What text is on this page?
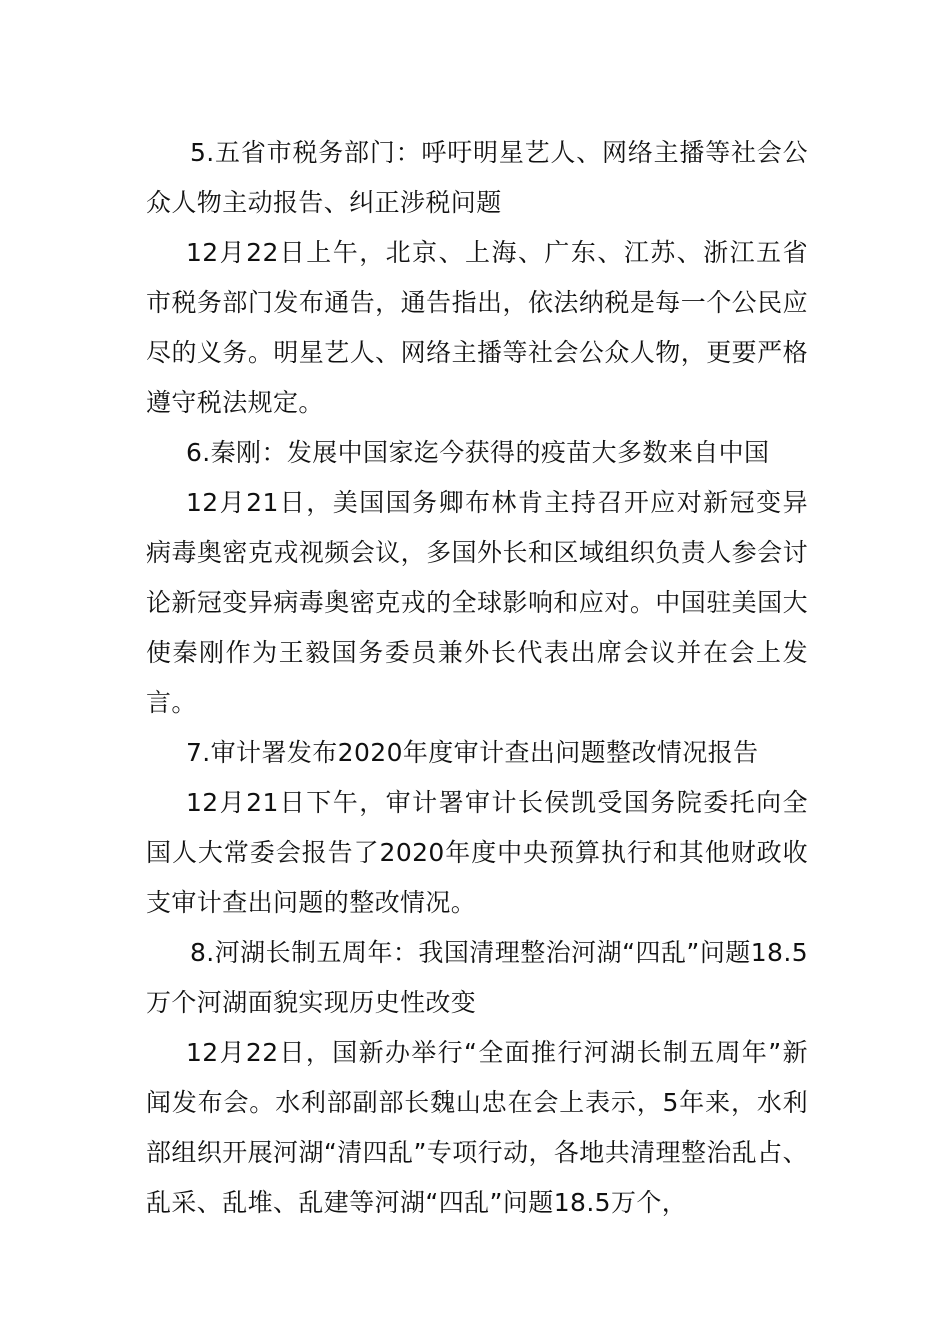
5.五省市税务部门：呼吁明星艺人、网络主播等社会公众人物主动报告、纠正涉税问题

12月22日上午，北京、上海、广东、江苏、浙江五省市税务部门发布通告，通告指出，依法纳税是每一个公民应尽的义务。明星艺人、网络主播等社会公众人物，更要严格遵守税法规定。

6.秦刚：发展中国家迄今获得的疫苗大多数来自中国

12月21日，美国国务卿布林肯主持召开应对新冠变异病毒奥密克戎视频会议，多国外长和区域组织负责人参会讨论新冠变异病毒奥密克戎的全球影响和应对。中国驻美国大使秦刚作为王毅国务委员兼外长代表出席会议并在会上发言。

7.审计署发布2020年度审计查出问题整改情况报告

12月21日下午，审计署审计长侯凯受国务院委托向全国人大常委会报告了2020年度中央预算执行和其他财政收支审计查出问题的整改情况。

8.河湖长制五周年：我国清理整治河湖“四乱”问题18.5万个河湖面貌实现历史性改变

12月22日，国新办举行“全面推行河湖长制五周年”新闻发布会。水利部副部长魏山忠在会上表示，5年来，水利部组织开展河湖“清四乱”专项行动，各地共清理整治乱占、乱采、乱堆、乱建等河湖“四乱”问题18.5万个，
